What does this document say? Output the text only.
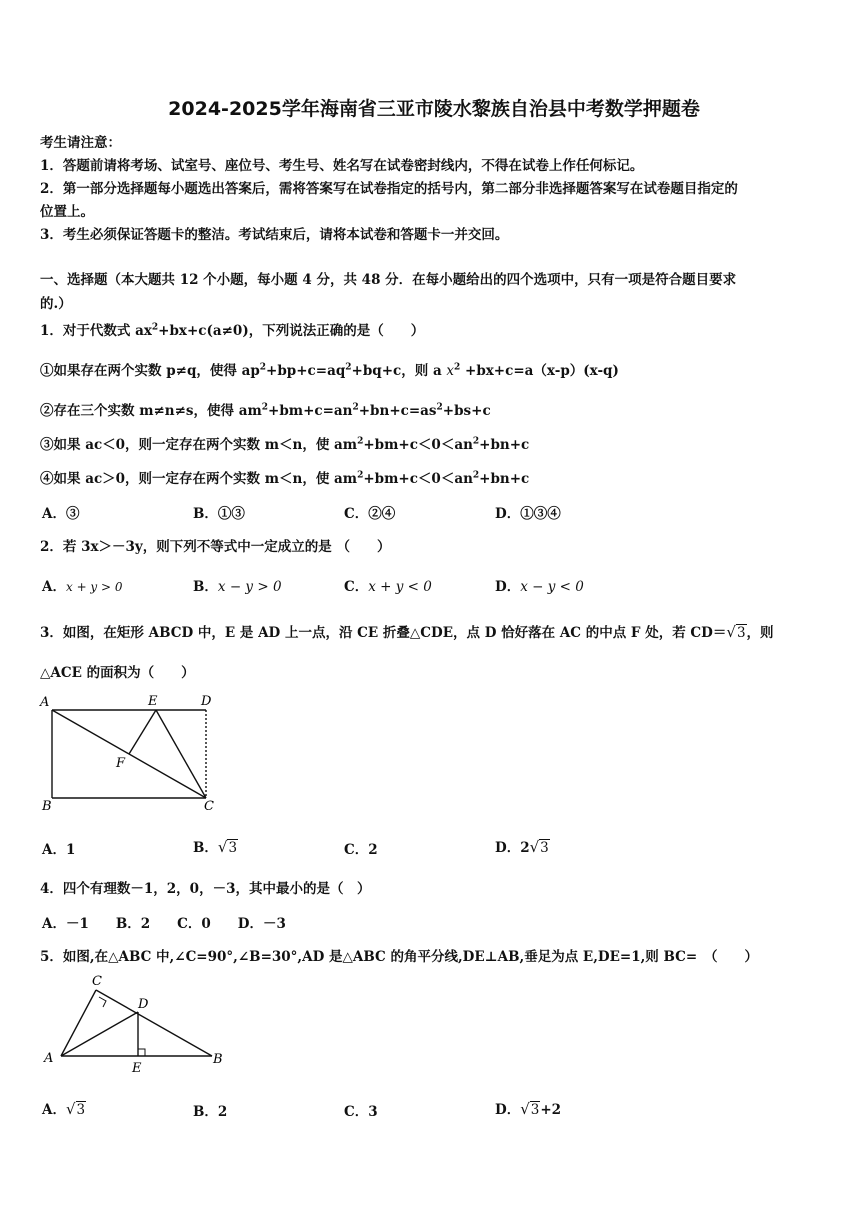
2024-2025学年海南省三亚市陵水黎族自治县中考数学押题卷
考生请注意：
1．答题前请将考场、试室号、座位号、考生号、姓名写在试卷密封线内，不得在试卷上作任何标记。
2．第一部分选择题每小题选出答案后，需将答案写在试卷指定的括号内，第二部分非选择题答案写在试卷题目指定的
位置上。
3．考生必须保证答题卡的整洁。考试结束后，请将本试卷和答题卡一并交回。
一、选择题（本大题共 12 个小题，每小题 4 分，共 48 分．在每小题给出的四个选项中，只有一项是符合题目要求
的.）
1．对于代数式 $ax^2+bx+c(a\ne 0)$，下列说法正确的是（　　）
①如果存在两个实数 p≠q，使得 $ap^2+bp+c=aq^2+bq+c$，则 a $x^2 +bx+c=a(x-p)(x-q)$
②存在三个实数 m≠n≠s，使得 $am^2+bm+c=an^2+bn+c=as^2+bs+c$
③如果 ac＜0，则一定存在两个实数 m＜n，使 $am^2+bm+c<0<an^2+bn+c$
④如果 ac＞0，则一定存在两个实数 m＜n，使 $am^2+bm+c<0<an^2+bn+c$
A．③	B．①③	C．②④	D．①③④
2．若 3x＞－3y，则下列不等式中一定成立的是 （　　）
A．x + y > 0	B．x − y > 0	C．x + y < 0	D．x − y < 0
3．如图，在矩形 ABCD 中，E 是 AD 上一点，沿 CE 折叠△CDE，点 D 恰好落在 AC 的中点 F 处，若 CD＝√3，则
△ACE 的面积为（　　）
A	E	D
F
B	C
A．1	B．√3	C．2	D．2√3
4．四个有理数－1，2，0，－3，其中最小的是（　）
A．－1　　B．2　　C．0　　D．－3
5．如图,在△ABC 中,∠C=90°,∠B=30°,AD 是△ABC 的角平分线,DE⊥AB,垂足为点 E,DE=1,则 BC=　（　　）
C
D
A
E
B
A．√3	B．2	C．3	D．√3+2
